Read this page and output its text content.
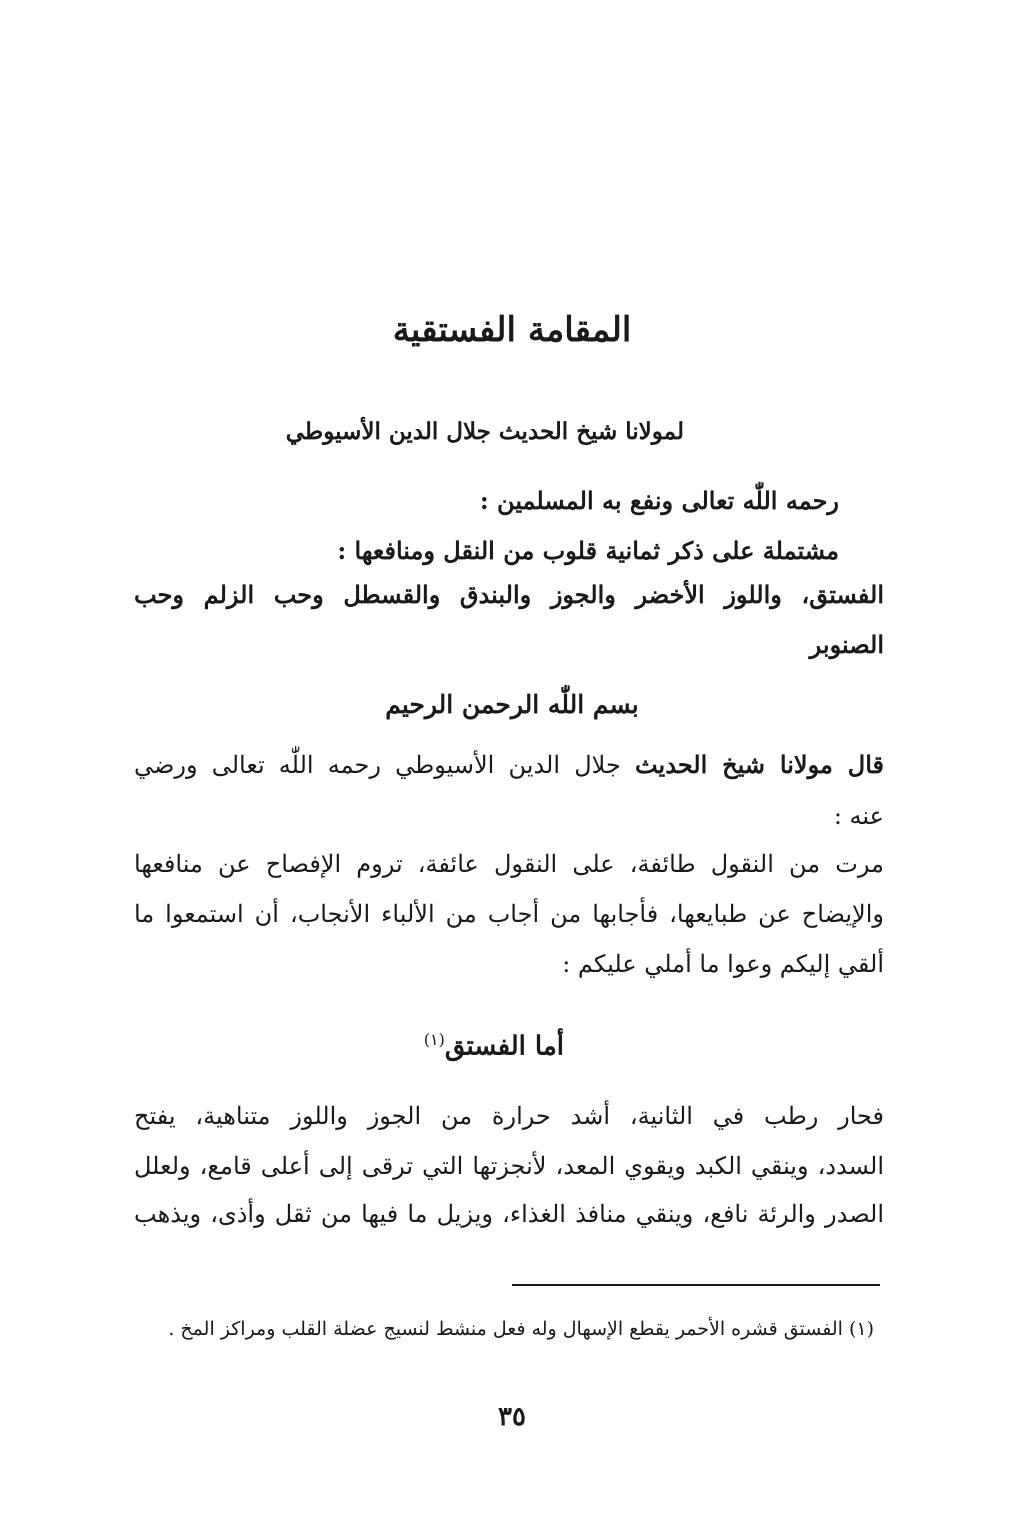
المقامة الفستقية
لمولانا شيخ الحديث جلال الدين الأسيوطي
رحمه اللّٰه تعالى ونفع به المسلمين :
مشتملة على ذكر ثمانية قلوب من النقل ومنافعها :
الفستق، واللوز الأخضر والجوز والبندق والقسطل وحب الزلم وحب
الصنوبر
بسم اللّٰه الرحمن الرحيم
قال مولانا شيخ الحديث جلال الدين الأسيوطي رحمه اللّٰه تعالى ورضي
عنه :
مرت من النقول طائفة، على النقول عائفة، تروم الإفصاح عن منافعها
والإيضاح عن طبايعها، فأجابها من أجاب من الألباء الأنجاب، أن استمعوا ما
ألقي إليكم وعوا ما أملي عليكم :
أما الفستق$^{(١)}$
فحار رطب في الثانية، أشد حرارة من الجوز واللوز متناهية، يفتح
السدد، وينقي الكبد ويقوي المعد، لأنجزتها التي ترقى إلى أعلى قامع، ولعلل
الصدر والرئة نافع، وينقي منافذ الغذاء، ويزيل ما فيها من ثقل وأذى، ويذهب
(١) الفستق قشره الأحمر يقطع الإسهال وله فعل منشط لنسيج عضلة القلب ومراكز المخ .
٣٥
